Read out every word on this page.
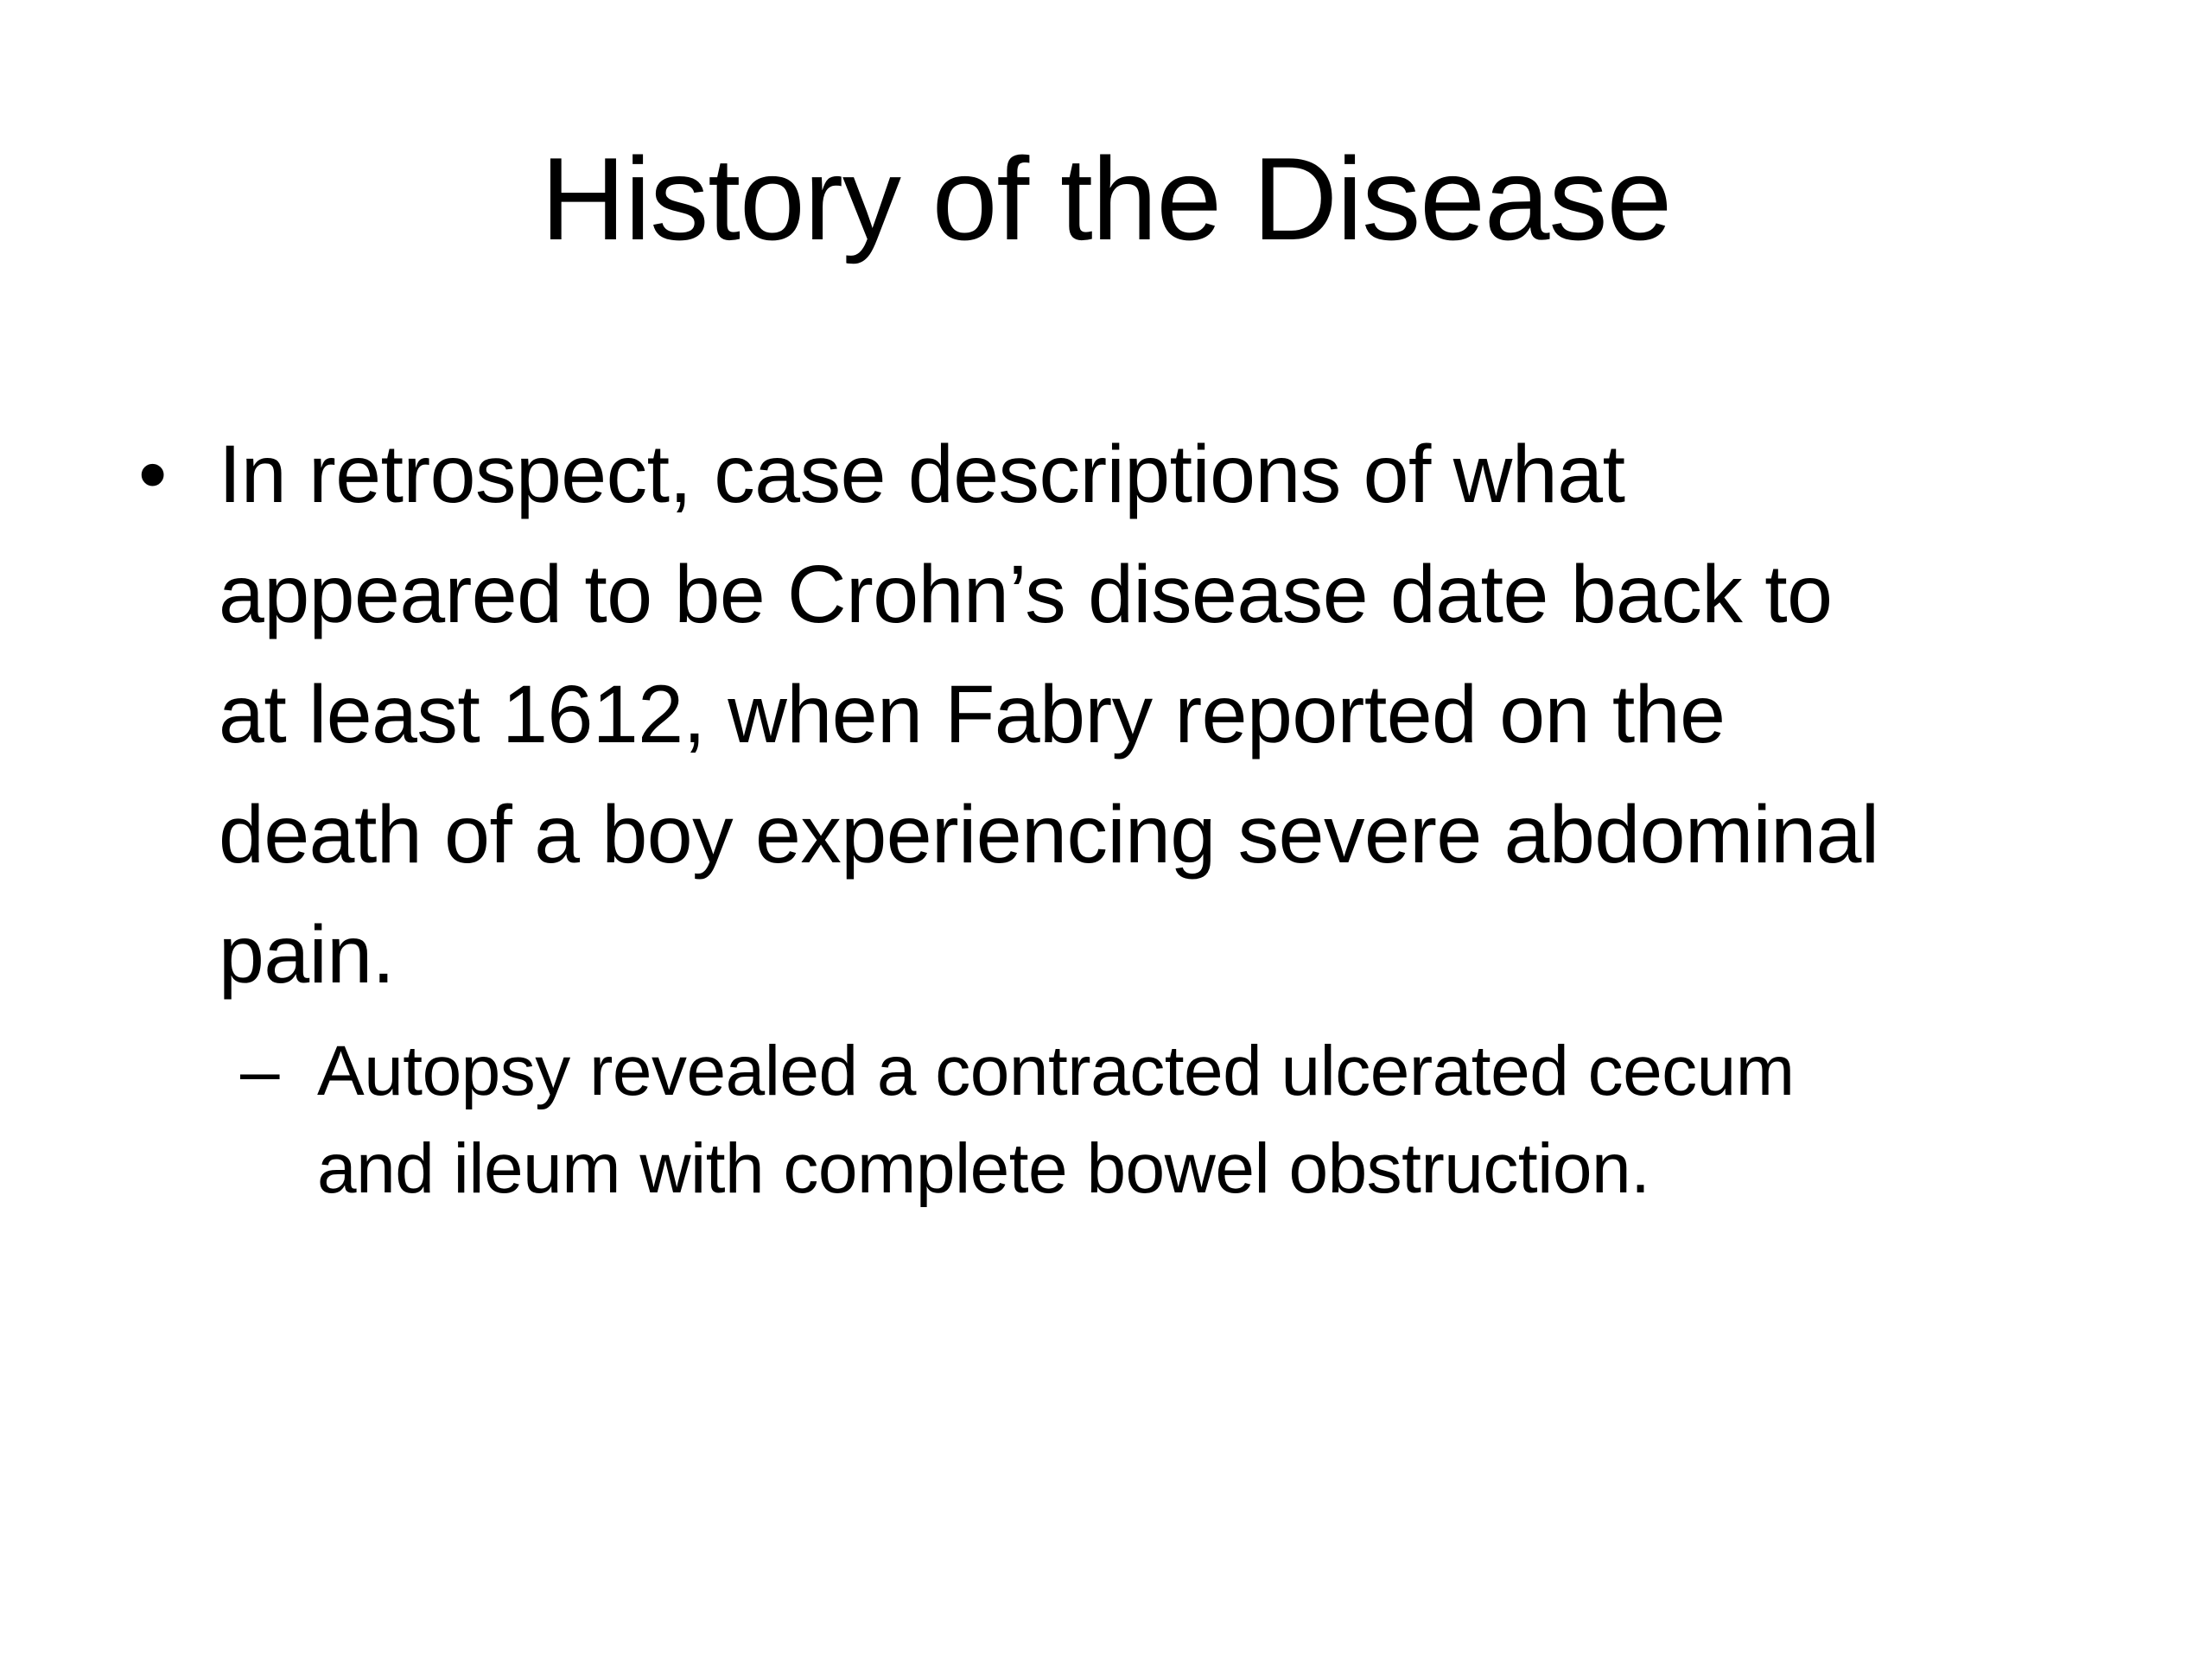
History of the Disease
• In retrospect, case descriptions of what
appeared to be Crohn’s disease date back to
at least 1612, when Fabry reported on the
death of a boy experiencing severe abdominal
pain.
– Autopsy revealed a contracted ulcerated cecum
and ileum with complete bowel obstruction.
